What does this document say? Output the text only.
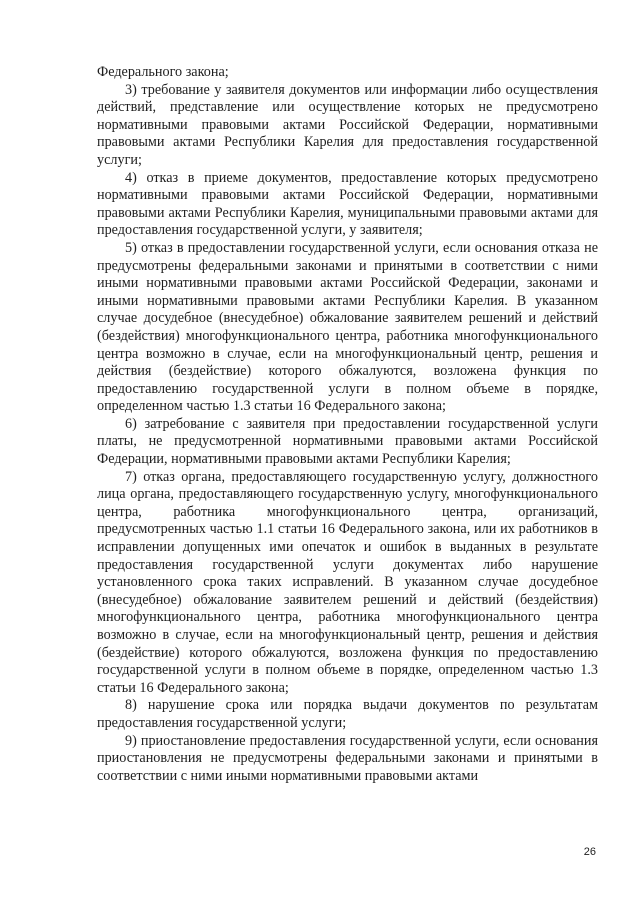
Федерального закона;

3) требование у заявителя документов или информации либо осуществления действий, представление или осуществление которых не предусмотрено нормативными правовыми актами Российской Федерации, нормативными правовыми актами Республики Карелия для предоставления государственной услуги;

4) отказ в приеме документов, предоставление которых предусмотрено нормативными правовыми актами Российской Федерации, нормативными правовыми актами Республики Карелия, муниципальными правовыми актами для предоставления государственной услуги, у заявителя;

5) отказ в предоставлении государственной услуги, если основания отказа не предусмотрены федеральными законами и принятыми в соответствии с ними иными нормативными правовыми актами Российской Федерации, законами и иными нормативными правовыми актами Республики Карелия. В указанном случае досудебное (внесудебное) обжалование заявителем решений и действий (бездействия) многофункционального центра, работника многофункционального центра возможно в случае, если на многофункциональный центр, решения и действия (бездействие) которого обжалуются, возложена функция по предоставлению государственной услуги в полном объеме в порядке, определенном частью 1.3 статьи 16 Федерального закона;

6) затребование с заявителя при предоставлении государственной услуги платы, не предусмотренной нормативными правовыми актами Российской Федерации, нормативными правовыми актами Республики Карелия;

7) отказ органа, предоставляющего государственную услугу, должностного лица органа, предоставляющего государственную услугу, многофункционального центра, работника многофункционального центра, организаций, предусмотренных частью 1.1 статьи 16 Федерального закона, или их работников в исправлении допущенных ими опечаток и ошибок в выданных в результате предоставления государственной услуги документах либо нарушение установленного срока таких исправлений. В указанном случае досудебное (внесудебное) обжалование заявителем решений и действий (бездействия) многофункционального центра, работника многофункционального центра возможно в случае, если на многофункциональный центр, решения и действия (бездействие) которого обжалуются, возложена функция по предоставлению государственной услуги в полном объеме в порядке, определенном частью 1.3 статьи 16 Федерального закона;

8) нарушение срока или порядка выдачи документов по результатам предоставления государственной услуги;

9) приостановление предоставления государственной услуги, если основания приостановления не предусмотрены федеральными законами и принятыми в соответствии с ними иными нормативными правовыми актами

26
